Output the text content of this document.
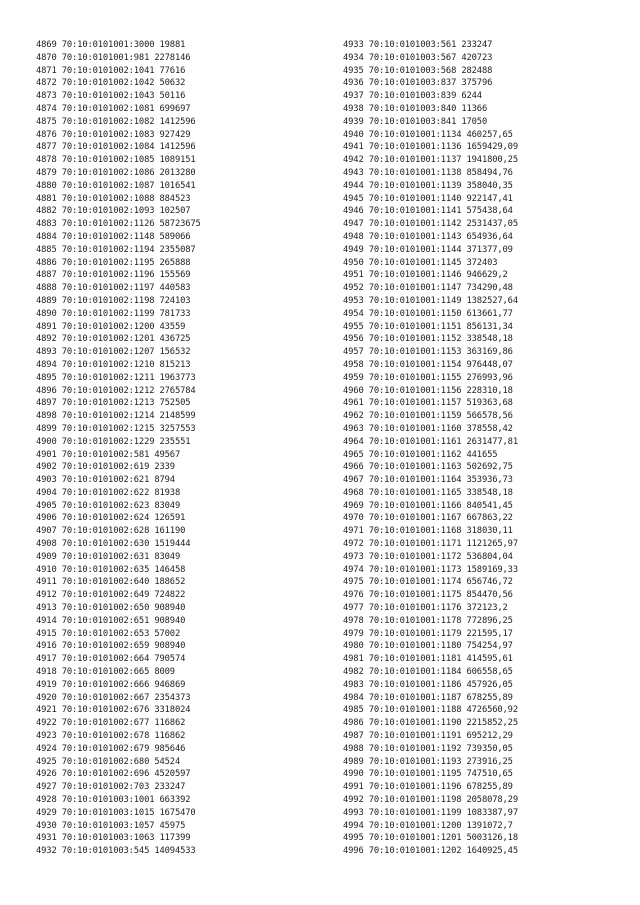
4869 70:10:0101001:3000 19881
4870 70:10:0101001:981 2278146
4871 70:10:0101002:1041 77616
4872 70:10:0101002:1042 50632
4873 70:10:0101002:1043 50116
4874 70:10:0101002:1081 699697
4875 70:10:0101002:1082 1412596
4876 70:10:0101002:1083 927429
4877 70:10:0101002:1084 1412596
4878 70:10:0101002:1085 1089151
4879 70:10:0101002:1086 2013280
4880 70:10:0101002:1087 1016541
4881 70:10:0101002:1088 884523
4882 70:10:0101002:1093 102507
4883 70:10:0101002:1126 58723675
4884 70:10:0101002:1148 589066
4885 70:10:0101002:1194 2355087
4886 70:10:0101002:1195 265888
4887 70:10:0101002:1196 155569
4888 70:10:0101002:1197 440583
4889 70:10:0101002:1198 724103
4890 70:10:0101002:1199 781733
4891 70:10:0101002:1200 43559
4892 70:10:0101002:1201 436725
4893 70:10:0101002:1207 156532
4894 70:10:0101002:1210 815213
4895 70:10:0101002:1211 1963773
4896 70:10:0101002:1212 2765784
4897 70:10:0101002:1213 752505
4898 70:10:0101002:1214 2148599
4899 70:10:0101002:1215 3257553
4900 70:10:0101002:1229 235551
4901 70:10:0101002:581 49567
4902 70:10:0101002:619 2339
4903 70:10:0101002:621 8794
4904 70:10:0101002:622 81938
4905 70:10:0101002:623 83049
4906 70:10:0101002:624 126591
4907 70:10:0101002:628 161190
4908 70:10:0101002:630 1519444
4909 70:10:0101002:631 83049
4910 70:10:0101002:635 146458
4911 70:10:0101002:640 188652
4912 70:10:0101002:649 724822
4913 70:10:0101002:650 908940
4914 70:10:0101002:651 908940
4915 70:10:0101002:653 57002
4916 70:10:0101002:659 908940
4917 70:10:0101002:664 790574
4918 70:10:0101002:665 8009
4919 70:10:0101002:666 946869
4920 70:10:0101002:667 2354373
4921 70:10:0101002:676 3318024
4922 70:10:0101002:677 116862
4923 70:10:0101002:678 116862
4924 70:10:0101002:679 985646
4925 70:10:0101002:680 54524
4926 70:10:0101002:696 4520597
4927 70:10:0101002:703 233247
4928 70:10:0101003:1001 663392
4929 70:10:0101003:1015 1675470
4930 70:10:0101003:1057 45975
4931 70:10:0101003:1063 117399
4932 70:10:0101003:545 14094533
4933 70:10:0101003:561 233247
4934 70:10:0101003:567 420723
4935 70:10:0101003:568 282488
4936 70:10:0101003:837 375796
4937 70:10:0101003:839 6244
4938 70:10:0101003:840 11366
4939 70:10:0101003:841 17050
4940 70:10:0101001:1134 460257,65
4941 70:10:0101001:1136 1659429,09
4942 70:10:0101001:1137 1941800,25
4943 70:10:0101001:1138 858494,76
4944 70:10:0101001:1139 358040,35
4945 70:10:0101001:1140 922147,41
4946 70:10:0101001:1141 575438,64
4947 70:10:0101001:1142 2531437,05
4948 70:10:0101001:1143 654936,64
4949 70:10:0101001:1144 371377,09
4950 70:10:0101001:1145 372403
4951 70:10:0101001:1146 946629,2
4952 70:10:0101001:1147 734290,48
4953 70:10:0101001:1149 1382527,64
4954 70:10:0101001:1150 613661,77
4955 70:10:0101001:1151 856131,34
4956 70:10:0101001:1152 338548,18
4957 70:10:0101001:1153 363169,86
4958 70:10:0101001:1154 976448,07
4959 70:10:0101001:1155 276993,96
4960 70:10:0101001:1156 228310,18
4961 70:10:0101001:1157 519363,68
4962 70:10:0101001:1159 566578,56
4963 70:10:0101001:1160 378558,42
4964 70:10:0101001:1161 2631477,81
4965 70:10:0101001:1162 441655
4966 70:10:0101001:1163 502692,75
4967 70:10:0101001:1164 353936,73
4968 70:10:0101001:1165 338548,18
4969 70:10:0101001:1166 840541,45
4970 70:10:0101001:1167 667863,22
4971 70:10:0101001:1168 318030,11
4972 70:10:0101001:1171 1121265,97
4973 70:10:0101001:1172 536804,04
4974 70:10:0101001:1173 1589169,33
4975 70:10:0101001:1174 656746,72
4976 70:10:0101001:1175 854470,56
4977 70:10:0101001:1176 372123,2
4978 70:10:0101001:1178 772896,25
4979 70:10:0101001:1179 221595,17
4980 70:10:0101001:1180 754254,97
4981 70:10:0101001:1181 414595,61
4982 70:10:0101001:1184 606558,65
4983 70:10:0101001:1186 457926,05
4984 70:10:0101001:1187 678255,89
4985 70:10:0101001:1188 4726560,92
4986 70:10:0101001:1190 2215852,25
4987 70:10:0101001:1191 695212,29
4988 70:10:0101001:1192 739350,05
4989 70:10:0101001:1193 273916,25
4990 70:10:0101001:1195 747510,65
4991 70:10:0101001:1196 678255,89
4992 70:10:0101001:1198 2058078,29
4993 70:10:0101001:1199 1083387,97
4994 70:10:0101001:1200 1391072,7
4995 70:10:0101001:1201 5003126,18
4996 70:10:0101001:1202 1640925,45
